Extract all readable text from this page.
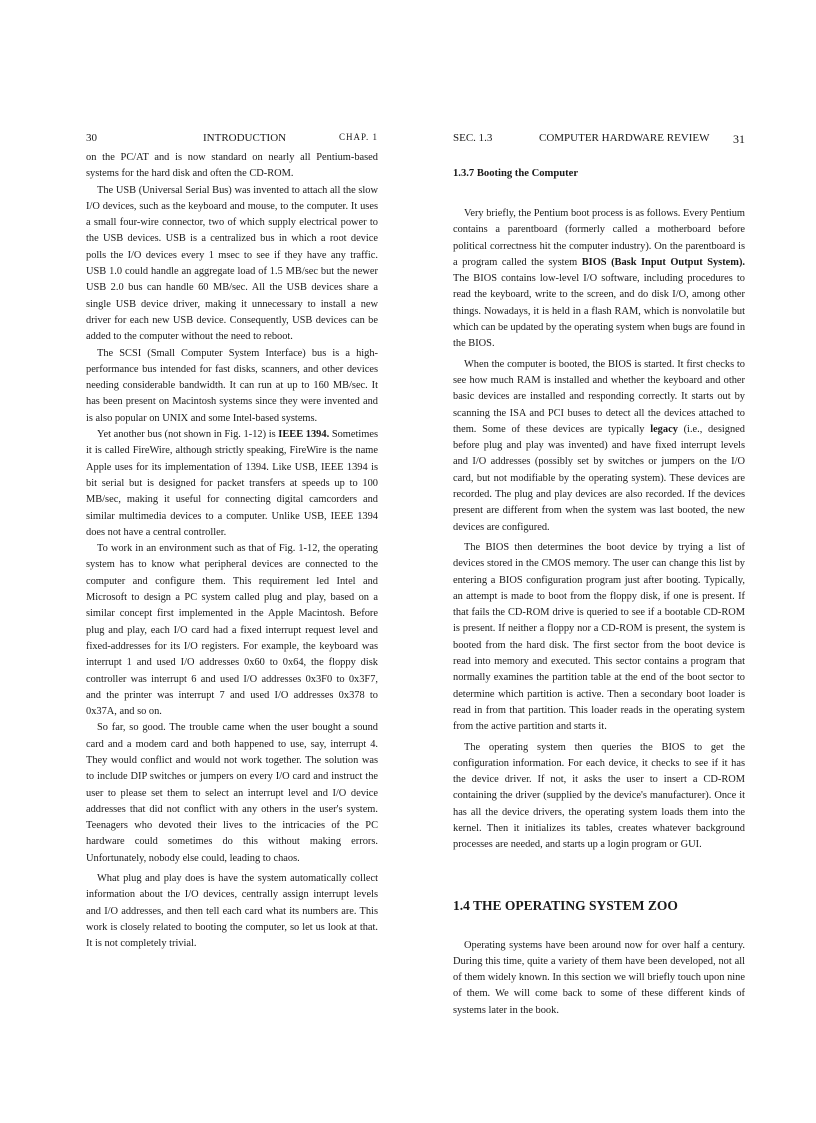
30	INTRODUCTION	CHAP. 1

on the PC/AT and is now standard on nearly all Pentium-based systems for the hard disk and often the CD-ROM.

The USB (Universal Serial Bus) was invented to attach all the slow I/O devices, such as the keyboard and mouse, to the computer. It uses a small four-wire connector, two of which supply electrical power to the USB devices. USB is a centralized bus in which a root device polls the I/O devices every 1 msec to see if they have any traffic. USB 1.0 could handle an aggregate load of 1.5 MB/sec but the newer USB 2.0 bus can handle 60 MB/sec. All the USB devices share a single USB device driver, making it unnecessary to install a new driver for each new USB device. Consequently, USB devices can be added to the computer without the need to reboot.

The SCSI (Small Computer System Interface) bus is a high-performance bus intended for fast disks, scanners, and other devices needing considerable bandwidth. It can run at up to 160 MB/sec. It has been present on Macintosh systems since they were invented and is also popular on UNIX and some Intel-based systems.

Yet another bus (not shown in Fig. 1-12) is IEEE 1394. Sometimes it is called FireWire, although strictly speaking, FireWire is the name Apple uses for its implementation of 1394. Like USB, IEEE 1394 is bit serial but is designed for packet transfers at speeds up to 100 MB/sec, making it useful for connecting digital camcorders and similar multimedia devices to a computer. Unlike USB, IEEE 1394 does not have a central controller.

To work in an environment such as that of Fig. 1-12, the operating system has to know what peripheral devices are connected to the computer and configure them. This requirement led Intel and Microsoft to design a PC system called plug and play, based on a similar concept first implemented in the Apple Macintosh. Before plug and play, each I/O card had a fixed interrupt request level and fixed-addresses for its I/O registers. For example, the keyboard was interrupt 1 and used I/O addresses 0x60 to 0x64, the floppy disk controller was interrupt 6 and used I/O addresses 0x3F0 to 0x3F7, and the printer was interrupt 7 and used I/O addresses 0x378 to 0x37A, and so on.

So far, so good. The trouble came when the user bought a sound card and a modem card and both happened to use, say, interrupt 4. They would conflict and would not work together. The solution was to include DIP switches or jumpers on every I/O card and instruct the user to please set them to select an interrupt level and I/O device addresses that did not conflict with any others in the user's system. Teenagers who devoted their lives to the intricacies of the PC hardware could sometimes do this without making errors. Unfortunately, nobody else could, leading to chaos.

What plug and play does is have the system automatically collect information about the I/O devices, centrally assign interrupt levels and I/O addresses, and then tell each card what its numbers are. This work is closely related to booting the computer, so let us look at that. It is not completely trivial.

SEC. 1.3	COMPUTER HARDWARE REVIEW 31

1.3.7 Booting the Computer

Very briefly, the Pentium boot process is as follows. Every Pentium contains a parentboard (formerly called a motherboard before political correctness hit the computer industry). On the parentboard is a program called the system BIOS (Bask Input Output System). The BIOS contains low-level I/O software, including procedures to read the keyboard, write to the screen, and do disk I/O, among other things. Nowadays, it is held in a flash RAM, which is nonvolatile but which can be updated by the operating system when bugs are found in the BIOS.

When the computer is booted, the BIOS is started. It first checks to see how much RAM is installed and whether the keyboard and other basic devices are installed and responding correctly. It starts out by scanning the ISA and PCI buses to detect all the devices attached to them. Some of these devices are typically legacy (i.e., designed before plug and play was invented) and have fixed interrupt levels and I/O addresses (possibly set by switches or jumpers on the I/O card, but not modifiable by the operating system). These devices are recorded. The plug and play devices are also recorded. If the devices present are different from when the system was last booted, the new devices are configured.

The BIOS then determines the boot device by trying a list of devices stored in the CMOS memory. The user can change this list by entering a BIOS configuration program just after booting. Typically, an attempt is made to boot from the floppy disk, if one is present. If that fails the CD-ROM drive is queried to see if a bootable CD-ROM is present. If neither a floppy nor a CD-ROM is present, the system is booted from the hard disk. The first sector from the boot device is read into memory and executed. This sector contains a program that normally examines the partition table at the end of the boot sector to determine which partition is active. Then a secondary boot loader is read in from that partition. This loader reads in the operating system from the active partition and starts it.

The operating system then queries the BIOS to get the configuration information. For each device, it checks to see if it has the device driver. If not, it asks the user to insert a CD-ROM containing the driver (supplied by the device's manufacturer). Once it has all the device drivers, the operating system loads them into the kernel. Then it initializes its tables, creates whatever background processes are needed, and starts up a login program or GUI.

1.4 THE OPERATING SYSTEM ZOO

Operating systems have been around now for over half a century. During this time, quite a variety of them have been developed, not all of them widely known. In this section we will briefly touch upon nine of them. We will come back to some of these different kinds of systems later in the book.
